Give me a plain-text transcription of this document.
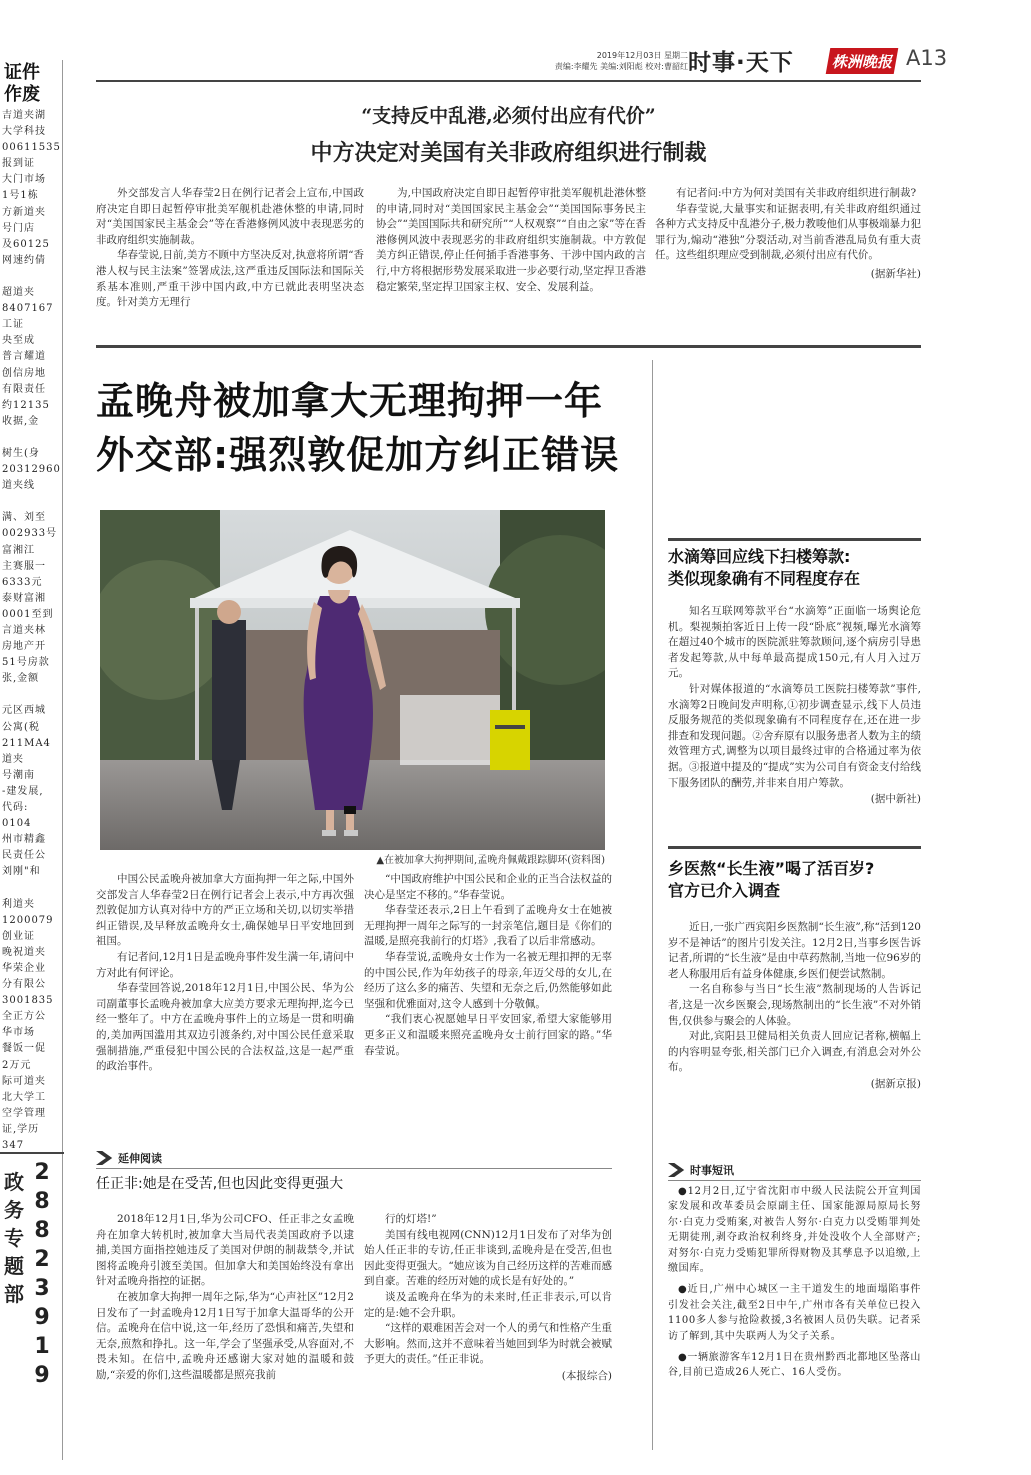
证件
作废
吉道夹湖
大学科技
00611535
报到证
大门市场
1号1栋
方新道夹
号门店
及60125
网速约倩

超道夹
8407167
工证
央至成
普言耀道
创信房地
有限责任
约12135
收据,金

树生(身
20312960
道夹线

满、刘至
002933号
富湘江
主赛服一
6333元
泰财富湘
0001至到
言道夹林
房地产开
51号房款
张,金额

元区西城
公寓(税
211MA4
道夹
号潮南
-建发展,
代码:
0104
州市精鑫
民责任公
刘刚"和

利道夹
1200079
创业证
晚祝道夹
华荣企业
分有限公
3001835
全正方公
华市场
餐饭一促
2万元
际可道夹
北大学工
空学管理
证,学历
347
政
务
专
题
部
2
8
8
2
3
9
1
9
2019年12月03日 星期二
责编:李耀先 美编:刘阳彪 校对:曹韶红 时事·天下	株洲晚报 A13
“支持反中乱港,必须付出应有代价”
中方决定对美国有关非政府组织进行制裁

外交部发言人华春莹2日在例行记者会上宣布,中国政府决定自即日起暂停审批美军舰机赴港休整的申请,同时对“美国国家民主基金会”等在香港修例风波中表现恶劣的非政府组织实施制裁。

华春莹说,日前,美方不顾中方坚决反对,执意将所谓“香港人权与民主法案”签署成法,这严重违反国际法和国际关系基本准则,严重干涉中国内政,中方已就此表明坚决态度。针对美方无理行

为,中国政府决定自即日起暂停审批美军舰机赴港休整的申请,同时对“美国国家民主基金会”“美国国际事务民主协会”“美国国际共和研究所”“人权观察”“自由之家”等在香港修例风波中表现恶劣的非政府组织实施制裁。中方敦促美方纠正错误,停止任何插手香港事务、干涉中国内政的言行,中方将根据形势发展采取进一步必要行动,坚定捍卫香港稳定繁荣,坚定捍卫国家主权、安全、发展利益。

有记者问:中方为何对美国有关非政府组织进行制裁?

华春莹说,大量事实和证据表明,有关非政府组织通过各种方式支持反中乱港分子,极力教唆他们从事极端暴力犯罪行为,煽动“港独”分裂活动,对当前香港乱局负有重大责任。这些组织理应受到制裁,必须付出应有代价。

(据新华社)
孟晚舟被加拿大无理拘押一年
外交部:强烈敦促加方纠正错误
▲在被加拿大拘押期间,孟晚舟佩戴跟踪脚环(资料图)

中国公民孟晚舟被加拿大方面拘押一年之际,中国外交部发言人华春莹2日在例行记者会上表示,中方再次强烈敦促加方认真对待中方的严正立场和关切,以切实举措纠正错误,及早释放孟晚舟女士,确保她早日平安地回到祖国。

有记者问,12月1日是孟晚舟事件发生满一年,请问中方对此有何评论。

华春莹回答说,2018年12月1日,中国公民、华为公司副董事长孟晚舟被加拿大应美方要求无理拘押,迄今已经一整年了。中方在孟晚舟事件上的立场是一贯和明确的,美加两国滥用其双边引渡条约,对中国公民任意采取强制措施,严重侵犯中国公民的合法权益,这是一起严重的政治事件。

“中国政府维护中国公民和企业的正当合法权益的决心是坚定不移的。”华春莹说。

华春莹还表示,2日上午看到了孟晚舟女士在她被无理拘押一周年之际写的一封亲笔信,题目是《你们的温暖,是照亮我前行的灯塔》,我看了以后非常感动。

华春莹说,孟晚舟女士作为一名被无理扣押的无辜的中国公民,作为年幼孩子的母亲,年迈父母的女儿,在经历了这么多的痛苦、失望和无奈之后,仍然能够如此坚强和优雅面对,这令人感到十分敬佩。

“我们衷心祝愿她早日平安回家,希望大家能够用更多正义和温暖来照亮孟晚舟女士前行回家的路。”华春莹说。

延伸阅读
任正非:她是在受苦,但也因此变得更强大

2018年12月1日,华为公司CFO、任正非之女孟晚舟在加拿大转机时,被加拿大当局代表美国政府予以逮捕,美国方面指控她违反了美国对伊朗的制裁禁令,并试图将孟晚舟引渡至美国。但加拿大和美国始终没有拿出针对孟晚舟指控的证据。

在被加拿大拘押一周年之际,华为“心声社区”12月2日发布了一封孟晚舟12月1日写于加拿大温哥华的公开信。孟晚舟在信中说,这一年,经历了恐惧和痛苦,失望和无奈,煎熬和挣扎。这一年,学会了坚强承受,从容面对,不畏未知。在信中,孟晚舟还感谢大家对她的温暖和鼓励,“亲爱的你们,这些温暖都是照亮我前

行的灯塔!”

美国有线电视网(CNN)12月1日发布了对华为创始人任正非的专访,任正非谈到,孟晚舟是在受苦,但也因此变得更强大。“她应该为自己经历这样的苦难而感到自豪。苦难的经历对她的成长是有好处的。”

谈及孟晚舟在华为的未来时,任正非表示,可以肯定的是:她不会升职。

“这样的艰难困苦会对一个人的勇气和性格产生重大影响。然而,这并不意味着当她回到华为时就会被赋予更大的责任。”任正非说。

(本报综合)
水滴筹回应线下扫楼筹款:
类似现象确有不同程度存在

知名互联网筹款平台“水滴筹”正面临一场舆论危机。梨视频拍客近日上传一段“卧底”视频,曝光水滴筹在超过40个城市的医院派驻筹款顾问,逐个病房引导患者发起筹款,从中每单最高提成150元,有人月入过万元。

针对媒体报道的“水滴筹员工医院扫楼筹款”事件,水滴筹2日晚间发声明称,①初步调查显示,线下人员违反服务规范的类似现象确有不同程度存在,还在进一步排查和发现问题。②舍弃原有以服务患者人数为主的绩效管理方式,调整为以项目最终过审的合格通过率为依据。③报道中提及的“提成”实为公司自有资金支付给线下服务团队的酬劳,并非来自用户筹款。

(据中新社)
乡医熬“长生液”喝了活百岁?
官方已介入调查

近日,一张广西宾阳乡医熬制“长生液”,称“活到120岁不是神话”的图片引发关注。12月2日,当事乡医告诉记者,所谓的“长生液”是由中草药熬制,当地一位96岁的老人称服用后有益身体健康,乡医们便尝试熬制。

一名自称参与当日“长生液”熬制现场的人告诉记者,这是一次乡医聚会,现场熬制出的“长生液”不对外销售,仅供参与聚会的人体验。

对此,宾阳县卫健局相关负责人回应记者称,横幅上的内容明显夸张,相关部门已介入调查,有消息会对外公布。

(据新京报)
时事短讯
●12月2日,辽宁省沈阳市中级人民法院公开宣判国家发展和改革委员会原副主任、国家能源局原局长努尔·白克力受贿案,对被告人努尔·白克力以受贿罪判处无期徒刑,剥夺政治权利终身,并处没收个人全部财产;对努尔·白克力受贿犯罪所得财物及其孳息予以追缴,上缴国库。
●近日,广州中心城区一主干道发生的地面塌陷事件引发社会关注,截至2日中午,广州市各有关单位已投入1100多人参与抢险救援,3名被困人员仍失联。记者采访了解到,其中失联两人为父子关系。
●一辆旅游客车12月1日在贵州黔西北都地区坠落山谷,目前已造成26人死亡、16人受伤。
